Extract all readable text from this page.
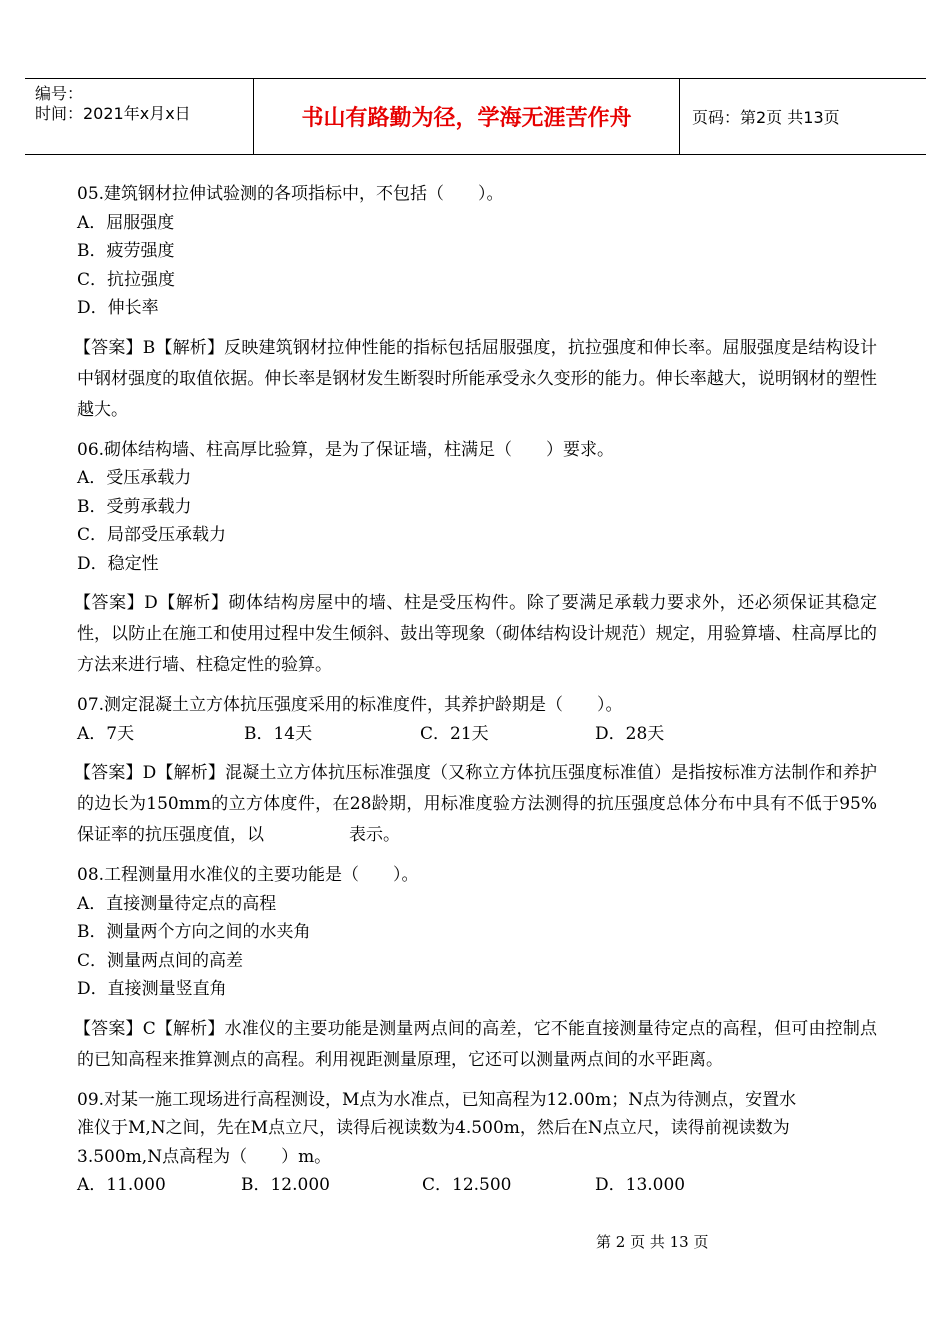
编号：
时间：2021年x月x日	书山有路勤为径，学海无涯苦作舟	页码：第2页 共13页
05.建筑钢材拉伸试验测的各项指标中，不包括（　　）。
A．屈服强度
B．疲劳强度
C．抗拉强度
D．伸长率
【答案】B【解析】反映建筑钢材拉伸性能的指标包括屈服强度，抗拉强度和伸长率。屈服强度是结构设计中钢材强度的取值依据。伸长率是钢材发生断裂时所能承受永久变形的能力。伸长率越大，说明钢材的塑性越大。
06.砌体结构墙、柱高厚比验算，是为了保证墙，柱满足（　　）要求。
A．受压承载力
B．受剪承载力
C．局部受压承载力
D．稳定性
【答案】D【解析】砌体结构房屋中的墙、柱是受压构件。除了要满足承载力要求外，还必须保证其稳定性，以防止在施工和使用过程中发生倾斜、鼓出等现象（砌体结构设计规范）规定，用验算墙、柱高厚比的方法来进行墙、柱稳定性的验算。
07.测定混凝土立方体抗压强度采用的标准度件，其养护龄期是（　　）。
A．7天	B．14天	C．21天	D．28天
【答案】D【解析】混凝土立方体抗压标准强度（又称立方体抗压强度标准值）是指按标准方法制作和养护的边长为150mm的立方体度件，在28龄期，用标准度验方法测得的抗压强度总体分布中具有不低于95%保证率的抗压强度值，以　　　　　表示。
08.工程测量用水准仪的主要功能是（　　）。
A．直接测量待定点的高程
B．测量两个方向之间的水夹角
C．测量两点间的高差
D．直接测量竖直角
【答案】C【解析】水准仪的主要功能是测量两点间的高差，它不能直接测量待定点的高程，但可由控制点的已知高程来推算测点的高程。利用视距测量原理，它还可以测量两点间的水平距离。
09.对某一施工现场进行高程测设，M点为水准点，已知高程为12.00m；N点为待测点，安置水
准仪于M,N之间，先在M点立尺，读得后视读数为4.500m，然后在N点立尺，读得前视读数为
3.500m,N点高程为（　　）m。
A．11.000	B．12.000	C．12.500	D．13.000
第 2 页 共 13 页
